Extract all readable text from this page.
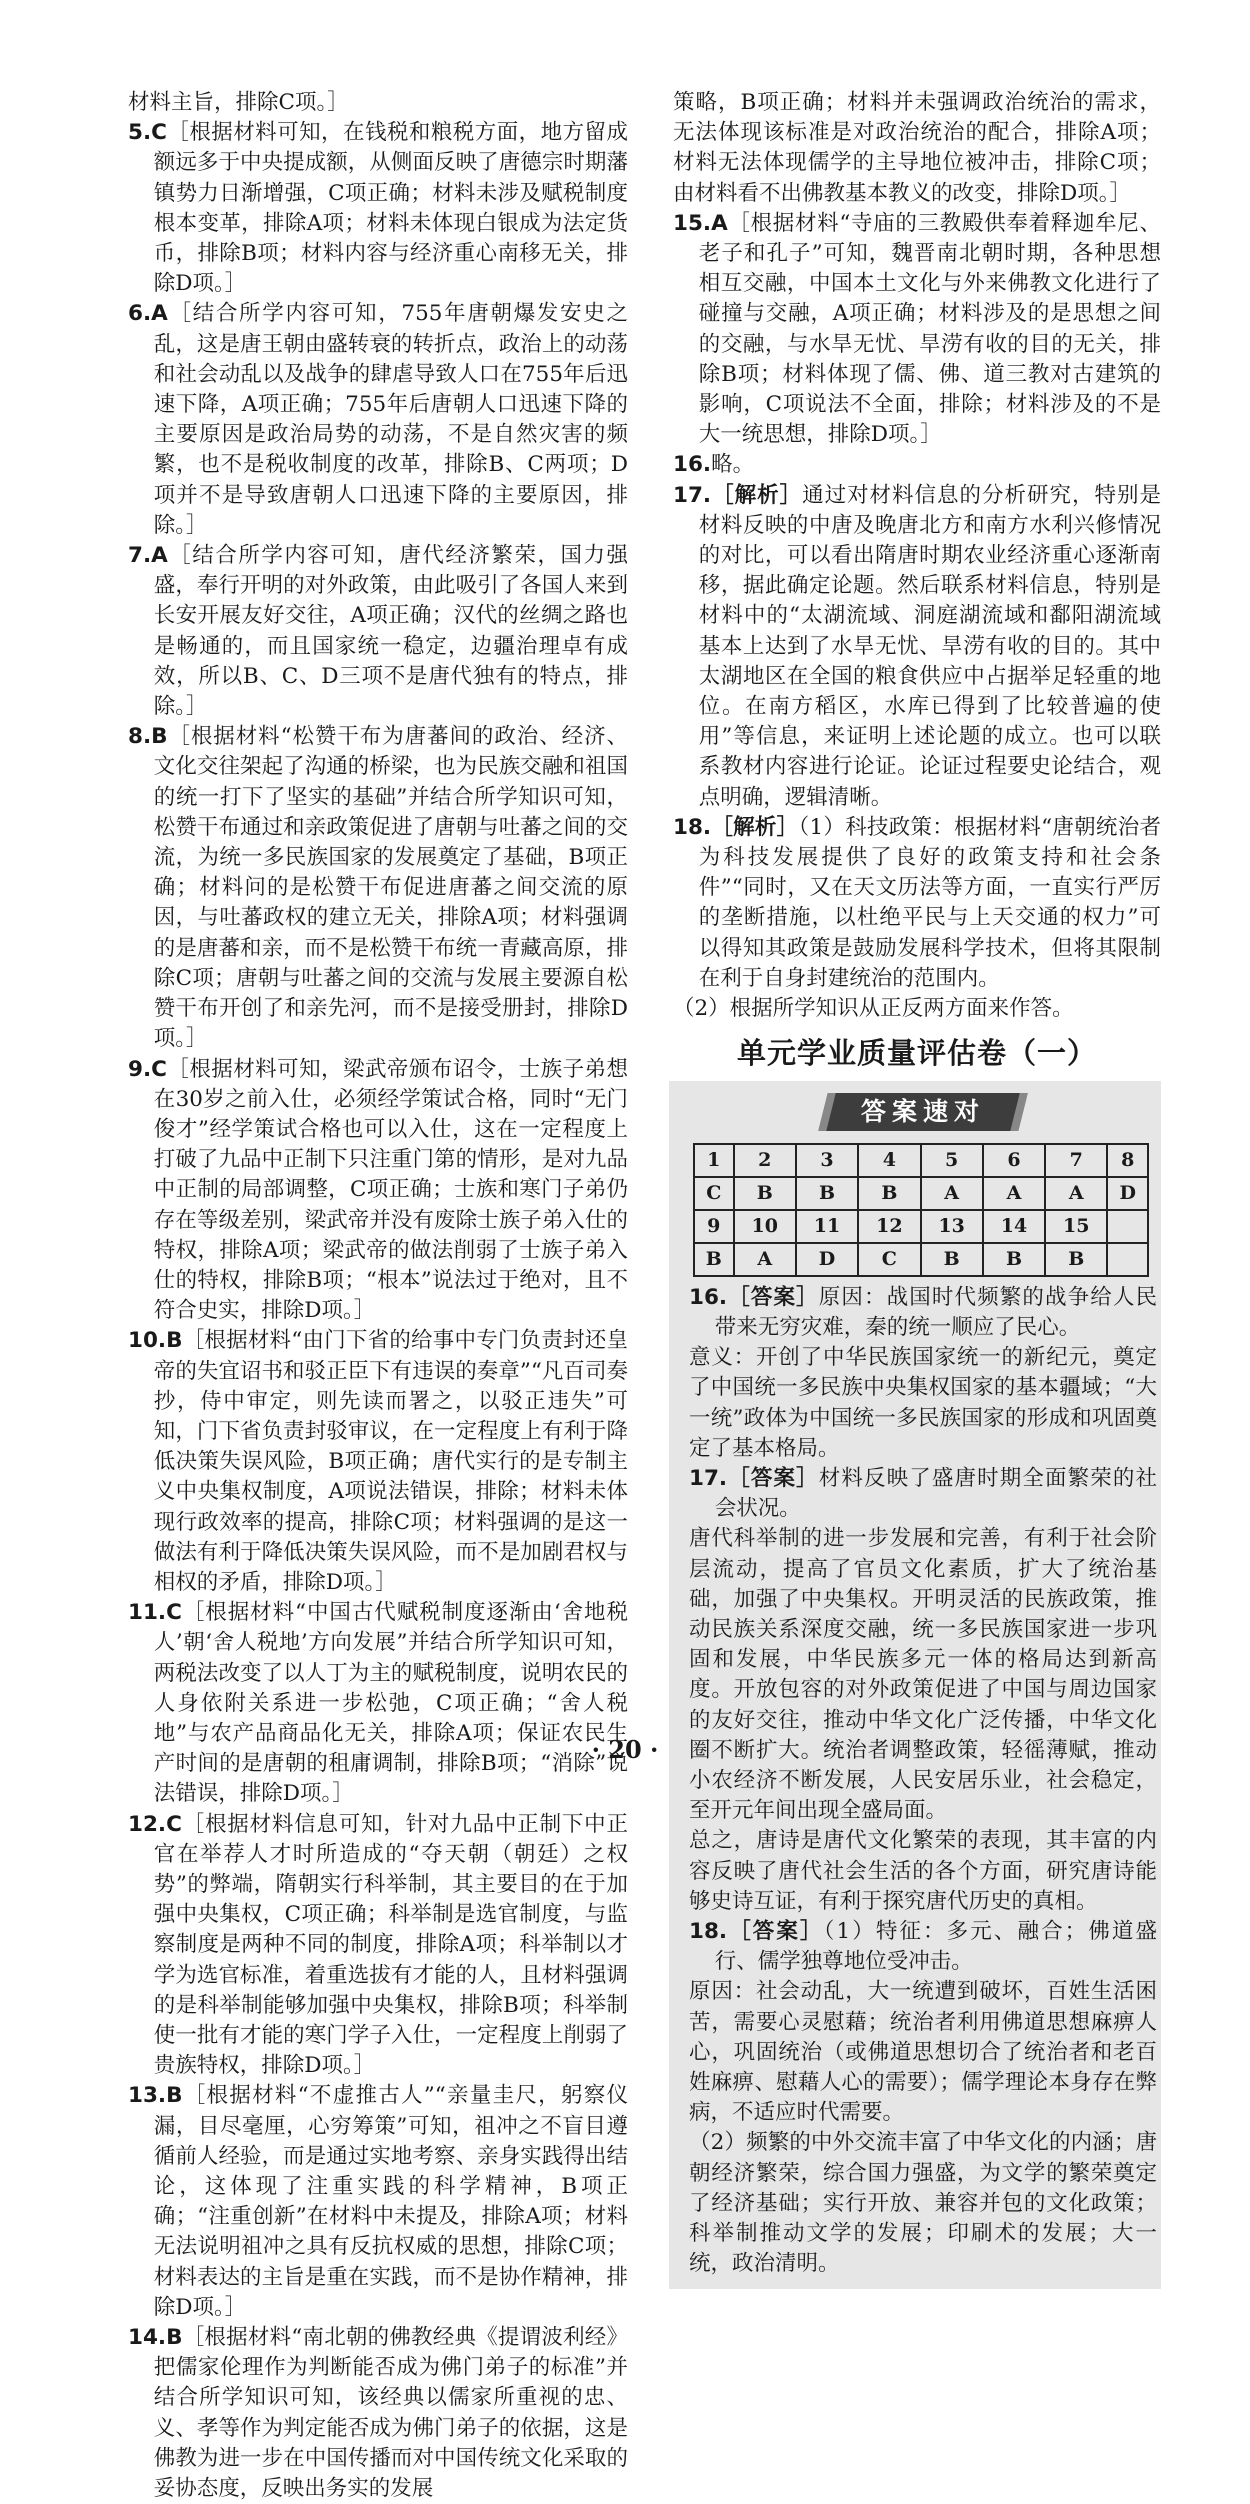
材料主旨，排除C项。］

5.C［根据材料可知，在钱税和粮税方面，地方留成额远多于中央提成额，从侧面反映了唐德宗时期藩镇势力日渐增强，C项正确；材料未涉及赋税制度根本变革，排除A项；材料未体现白银成为法定货币，排除B项；材料内容与经济重心南移无关，排除D项。］

6.A［结合所学内容可知，755年唐朝爆发安史之乱，这是唐王朝由盛转衰的转折点，政治上的动荡和社会动乱以及战争的肆虐导致人口在755年后迅速下降，A项正确；755年后唐朝人口迅速下降的主要原因是政治局势的动荡，不是自然灾害的频繁，也不是税收制度的改革，排除B、C两项；D项并不是导致唐朝人口迅速下降的主要原因，排除。］

7.A［结合所学内容可知，唐代经济繁荣，国力强盛，奉行开明的对外政策，由此吸引了各国人来到长安开展友好交往，A项正确；汉代的丝绸之路也是畅通的，而且国家统一稳定，边疆治理卓有成效，所以B、C、D三项不是唐代独有的特点，排除。］

8.B［根据材料“松赞干布为唐蕃间的政治、经济、文化交往架起了沟通的桥梁，也为民族交融和祖国的统一打下了坚实的基础”并结合所学知识可知，松赞干布通过和亲政策促进了唐朝与吐蕃之间的交流，为统一多民族国家的发展奠定了基础，B项正确；材料问的是松赞干布促进唐蕃之间交流的原因，与吐蕃政权的建立无关，排除A项；材料强调的是唐蕃和亲，而不是松赞干布统一青藏高原，排除C项；唐朝与吐蕃之间的交流与发展主要源自松赞干布开创了和亲先河，而不是接受册封，排除D项。］

9.C［根据材料可知，梁武帝颁布诏令，士族子弟想在30岁之前入仕，必须经学策试合格，同时“无门俊才”经学策试合格也可以入仕，这在一定程度上打破了九品中正制下只注重门第的情形，是对九品中正制的局部调整，C项正确；士族和寒门子弟仍存在等级差别，梁武帝并没有废除士族子弟入仕的特权，排除A项；梁武帝的做法削弱了士族子弟入仕的特权，排除B项；“根本”说法过于绝对，且不符合史实，排除D项。］

10.B［根据材料“由门下省的给事中专门负责封还皇帝的失宜诏书和驳正臣下有违误的奏章”“凡百司奏抄，侍中审定，则先读而署之，以驳正违失”可知，门下省负责封驳审议，在一定程度上有利于降低决策失误风险，B项正确；唐代实行的是专制主义中央集权制度，A项说法错误，排除；材料未体现行政效率的提高，排除C项；材料强调的是这一做法有利于降低决策失误风险，而不是加剧君权与相权的矛盾，排除D项。］

11.C［根据材料“中国古代赋税制度逐渐由‘舍地税人’朝‘舍人税地’方向发展”并结合所学知识可知，两税法改变了以人丁为主的赋税制度，说明农民的人身依附关系进一步松弛，C项正确；“舍人税地”与农产品商品化无关，排除A项；保证农民生产时间的是唐朝的租庸调制，排除B项；“消除”说法错误，排除D项。］

12.C［根据材料信息可知，针对九品中正制下中正官在举荐人才时所造成的“夺天朝（朝廷）之权势”的弊端，隋朝实行科举制，其主要目的在于加强中央集权，C项正确；科举制是选官制度，与监察制度是两种不同的制度，排除A项；科举制以才学为选官标准，着重选拔有才能的人，且材料强调的是科举制能够加强中央集权，排除B项；科举制使一批有才能的寒门学子入仕，一定程度上削弱了贵族特权，排除D项。］

13.B［根据材料“不虚推古人”“亲量圭尺，躬察仪漏，目尽毫厘，心穷筹策”可知，祖冲之不盲目遵循前人经验，而是通过实地考察、亲身实践得出结论，这体现了注重实践的科学精神，B项正确；“注重创新”在材料中未提及，排除A项；材料无法说明祖冲之具有反抗权威的思想，排除C项；材料表达的主旨是重在实践，而不是协作精神，排除D项。］

14.B［根据材料“南北朝的佛教经典《提谓波利经》把儒家伦理作为判断能否成为佛门弟子的标准”并结合所学知识可知，该经典以儒家所重视的忠、义、孝等作为判定能否成为佛门弟子的依据，这是佛教为进一步在中国传播而对中国传统文化采取的妥协态度，反映出务实的发展

策略，B项正确；材料并未强调政治统治的需求，无法体现该标准是对政治统治的配合，排除A项；材料无法体现儒学的主导地位被冲击，排除C项；由材料看不出佛教基本教义的改变，排除D项。］

15.A［根据材料“寺庙的三教殿供奉着释迦牟尼、老子和孔子”可知，魏晋南北朝时期，各种思想相互交融，中国本土文化与外来佛教文化进行了碰撞与交融，A项正确；材料涉及的是思想之间的交融，与水旱无忧、旱涝有收的目的无关，排除B项；材料体现了儒、佛、道三教对古建筑的影响，C项说法不全面，排除；材料涉及的不是大一统思想，排除D项。］

16.略。

17.［解析］通过对材料信息的分析研究，特别是材料反映的中唐及晚唐北方和南方水利兴修情况的对比，可以看出隋唐时期农业经济重心逐渐南移，据此确定论题。然后联系材料信息，特别是材料中的“太湖流域、洞庭湖流域和鄱阳湖流域基本上达到了水旱无忧、旱涝有收的目的。其中太湖地区在全国的粮食供应中占据举足轻重的地位。在南方稻区，水库已得到了比较普遍的使用”等信息，来证明上述论题的成立。也可以联系教材内容进行论证。论证过程要史论结合，观点明确，逻辑清晰。

18.［解析］（1）科技政策：根据材料“唐朝统治者为科技发展提供了良好的政策支持和社会条件”“同时，又在天文历法等方面，一直实行严厉的垄断措施，以杜绝平民与上天交通的权力”可以得知其政策是鼓励发展科学技术，但将其限制在利于自身封建统治的范围内。

（2）根据所学知识从正反两方面来作答。

单元学业质量评估卷（一）
答案速对
1	2	3	4	5	6	7	8
C	B	B	B	A	A	A	D
9	10	11	12	13	14	15	
B	A	D	C	B	B	B	

16.［答案］原因：战国时代频繁的战争给人民带来无穷灾难，秦的统一顺应了民心。

意义：开创了中华民族国家统一的新纪元，奠定了中国统一多民族中央集权国家的基本疆域；“大一统”政体为中国统一多民族国家的形成和巩固奠定了基本格局。

17.［答案］材料反映了盛唐时期全面繁荣的社会状况。

唐代科举制的进一步发展和完善，有利于社会阶层流动，提高了官员文化素质，扩大了统治基础，加强了中央集权。开明灵活的民族政策，推动民族关系深度交融，统一多民族国家进一步巩固和发展，中华民族多元一体的格局达到新高度。开放包容的对外政策促进了中国与周边国家的友好交往，推动中华文化广泛传播，中华文化圈不断扩大。统治者调整政策，轻徭薄赋，推动小农经济不断发展，人民安居乐业，社会稳定，至开元年间出现全盛局面。

总之，唐诗是唐代文化繁荣的表现，其丰富的内容反映了唐代社会生活的各个方面，研究唐诗能够史诗互证，有利于探究唐代历史的真相。

18.［答案］（1）特征：多元、融合；佛道盛行、儒学独尊地位受冲击。

原因：社会动乱，大一统遭到破坏，百姓生活困苦，需要心灵慰藉；统治者利用佛道思想麻痹人心，巩固统治（或佛道思想切合了统治者和老百姓麻痹、慰藉人心的需要）；儒学理论本身存在弊病，不适应时代需要。

（2）频繁的中外交流丰富了中华文化的内涵；唐朝经济繁荣，综合国力强盛，为文学的繁荣奠定了经济基础；实行开放、兼容并包的文化政策；科举制推动文学的发展；印刷术的发展；大一统，政治清明。

· 20 ·
